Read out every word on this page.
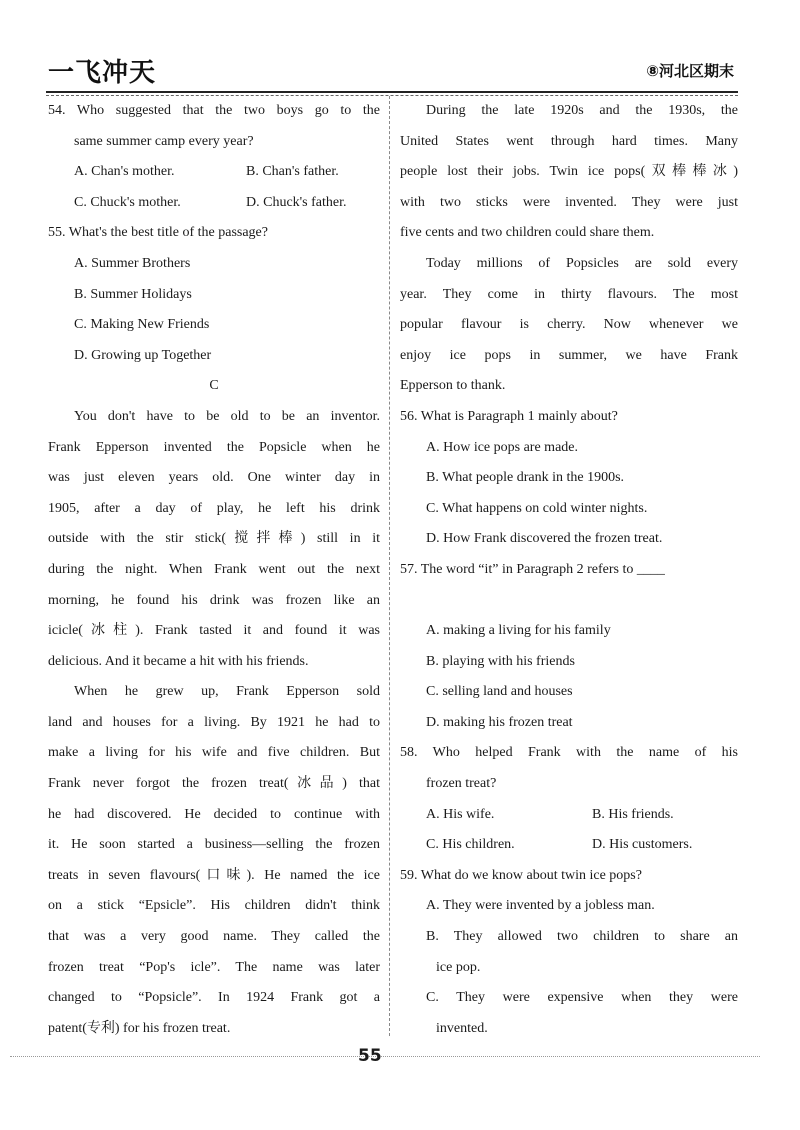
一飞冲天	⑧河北区期末
54. Who suggested that the two boys go to the
same summer camp every year?
A. Chan's mother.	B. Chan's father.
C. Chuck's mother.	D. Chuck's father.
55. What's the best title of the passage?
A. Summer Brothers
B. Summer Holidays
C. Making New Friends
D. Growing up Together
C
You don't have to be old to be an inventor.
Frank Epperson invented the Popsicle when he
was just eleven years old. One winter day in
1905, after a day of play, he left his drink
outside with the stir stick(搅拌棒) still in it
during the night. When Frank went out the next
morning, he found his drink was frozen like an
icicle(冰柱). Frank tasted it and found it was
delicious. And it became a hit with his friends.
When he grew up, Frank Epperson sold
land and houses for a living. By 1921 he had to
make a living for his wife and five children. But
Frank never forgot the frozen treat(冰品) that
he had discovered. He decided to continue with
it. He soon started a business—selling the frozen
treats in seven flavours(口味). He named the ice
on a stick “Epsicle”. His children didn't think
that was a very good name. They called the
frozen treat “Pop's icle”. The name was later
changed to “Popsicle”. In 1924 Frank got a
patent(专利) for his frozen treat.
During the late 1920s and the 1930s, the
United States went through hard times. Many
people lost their jobs. Twin ice pops(双棒棒冰)
with two sticks were invented. They were just
five cents and two children could share them.
Today millions of Popsicles are sold every
year. They come in thirty flavours. The most
popular flavour is cherry. Now whenever we
enjoy ice pops in summer, we have Frank
Epperson to thank.
56. What is Paragraph 1 mainly about?
A. How ice pops are made.
B. What people drank in the 1900s.
C. What happens on cold winter nights.
D. How Frank discovered the frozen treat.
57. The word “it” in Paragraph 2 refers to ____
A. making a living for his family
B. playing with his friends
C. selling land and houses
D. making his frozen treat
58. Who helped Frank with the name of his
frozen treat?
A. His wife.	B. His friends.
C. His children.	D. His customers.
59. What do we know about twin ice pops?
A. They were invented by a jobless man.
B. They allowed two children to share an
ice pop.
C. They were expensive when they were
invented.
55
